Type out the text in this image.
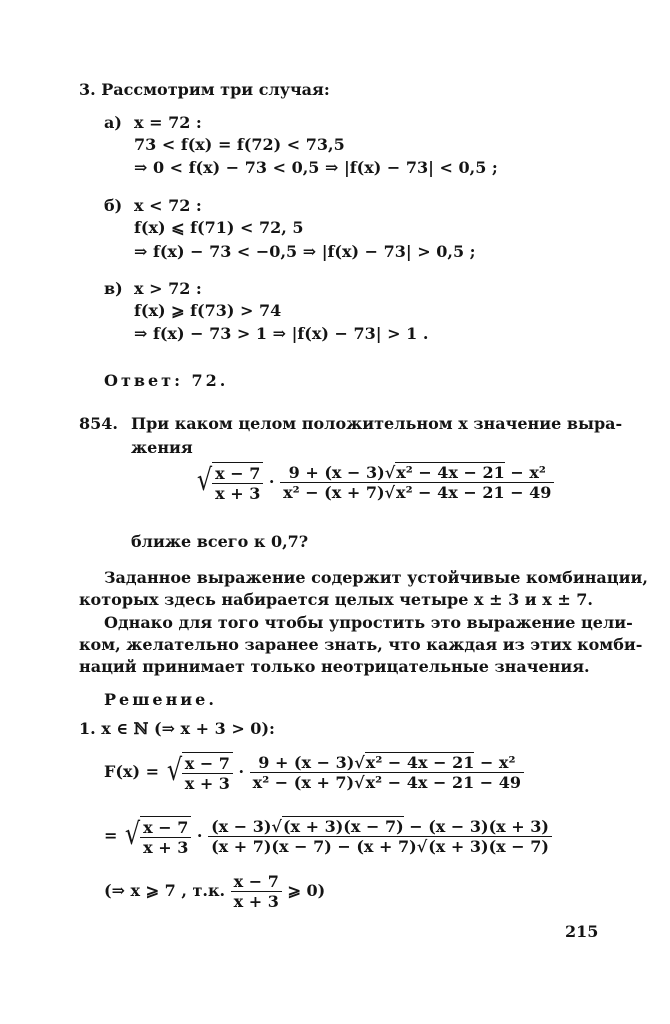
3. Рассмотрим три случая:
а) x = 72 :
73 < f(x) = f(72) < 73,5
⇒ 0 < f(x) − 73 < 0,5 ⇒ |f(x) − 73| < 0,5 ;
б) x < 72 :
f(x) ⩽ f(71) < 72, 5
⇒ f(x) − 73 < −0,5 ⇒ |f(x) − 73| > 0,5 ;
в) x > 72 :
f(x) ⩾ f(73) > 74
⇒ f(x) − 73 > 1 ⇒ |f(x) − 73| > 1 .
Ответ: 72.
854. При каком целом положительном x значение выра-
жения
√ $\frac{x - 7}{x + 3} \cdot \frac{\text{9 + (x − 3)√x² − 4x − 21 − x²}}{\text{x² − (x + 7)√x² − 4x − 21 − 49}}$
ближе всего к 0,7?
Заданное выражение содержит устойчивые комбинации,
которых здесь набирается целых четыре x ± 3 и x ± 7.
Однако для того чтобы упростить это выражение цели-
ком, желательно заранее знать, что каждая из этих комби-
наций принимает только неотрицательные значения.
Решение.
1. x ∈ ℕ (⇒ x + 3 > 0):
F(x) = √ $\frac{x - 7}{x + 3} \cdot \frac{\text{9 + (x − 3)√x² − 4x − 21 − x²}}{\text{x² − (x + 7)√x² − 4x − 21 − 49}}$
= √ $\frac{x - 7}{x + 3} \cdot \frac{(x - 3)√(x + 3)(x - 7) - (x - 3)(x + 3)}{(x + 7)(x - 7) - (x + 7)√(x + 3)(x - 7)}$
(⇒ x ⩾ 7 , т.к. $\frac{x - 7}{x + 3}$ ⩾ 0)
215
